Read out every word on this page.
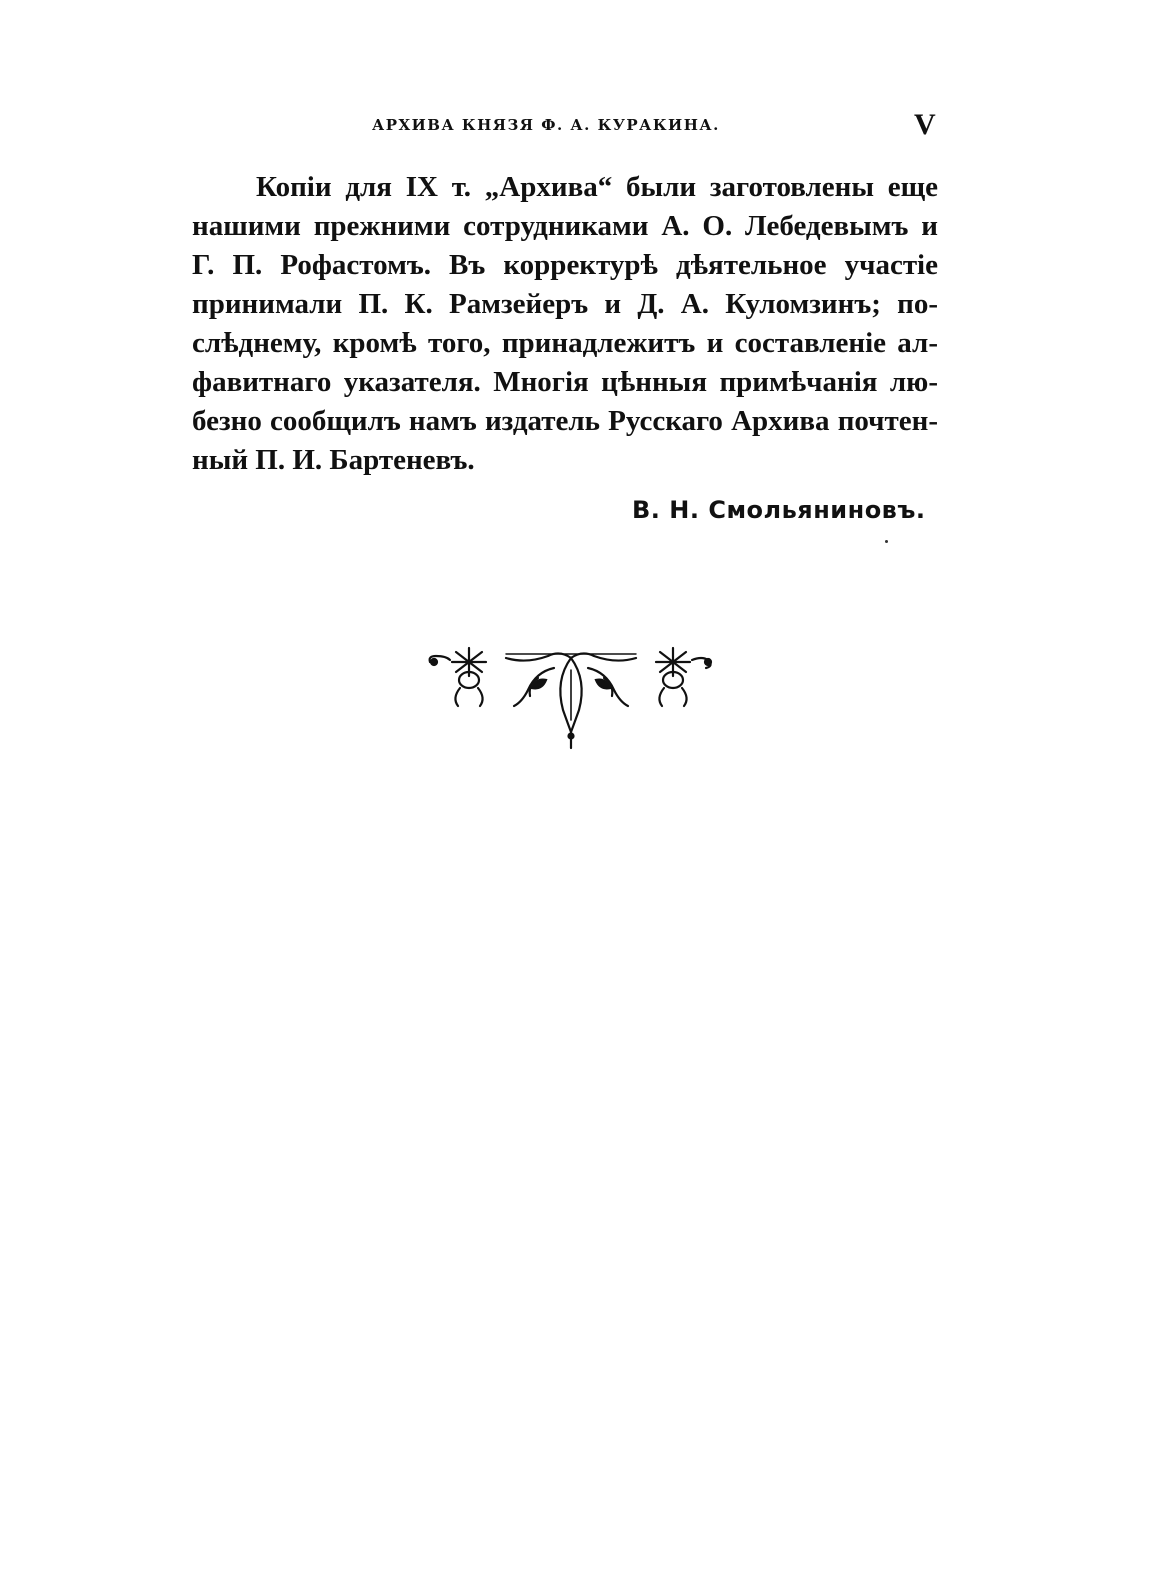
АРХИВА КНЯЗЯ Ф. А. КУРАКИНА.	V
Копіи для IX т. „Архива“ были заготовлены еще
нашими прежними сотрудниками А. О. Лебедевымъ и
Г. П. Рофастомъ. Въ корректурѣ дѣятельное участіе
принимали П. К. Рамзейеръ и Д. А. Куломзинъ; по-
слѣднему, кромѣ того, принадлежитъ и составленіе ал-
фавитнаго указателя. Многія цѣнныя примѣчанія лю-
безно сообщилъ намъ издатель Русскаго Архива почтен-
ный П. И. Бартеневъ.
В. Н. Смольяниновъ.
